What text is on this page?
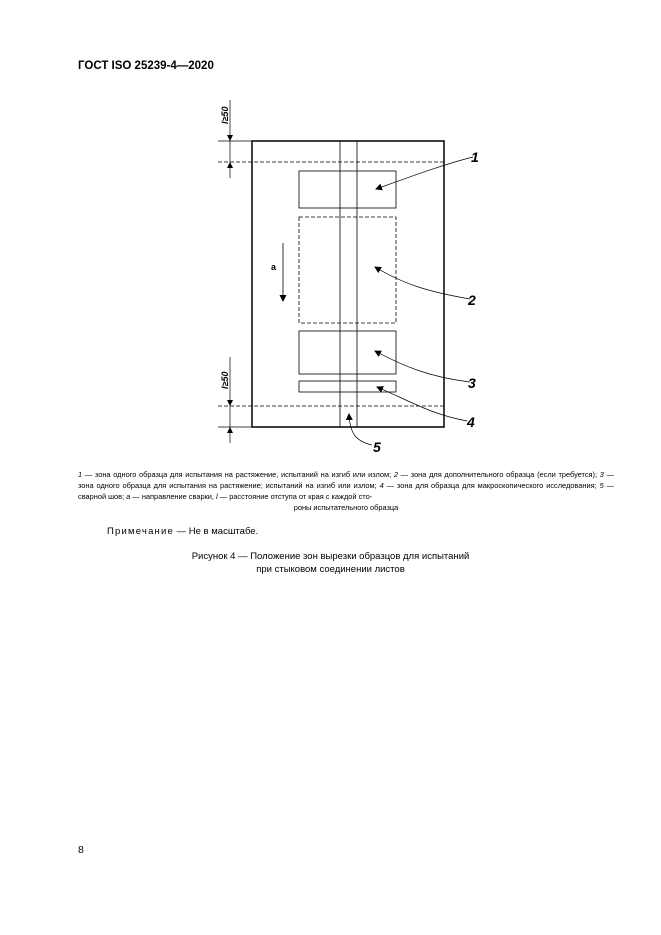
ГОСТ ISO 25239-4—2020
l≥50
l≥50
а
1
2
3
4
5
1 — зона одного образца для испытания на растяжение, испытаний на изгиб или излом; 2 — зона для дополнительного образца (если требуется); 3 — зона одного образца для испытания на растяжение; испытаний на изгиб или излом; 4 — зона для образца для макроскопического исследования; 5 — сварной шов; а — направление сварки, l — расстояние отступа от края с каждой сто-
роны испытательного образца
Примечание — Не в масштабе.
Рисунок 4 — Положение зон вырезки образцов для испытаний
при стыковом соединении листов
8
